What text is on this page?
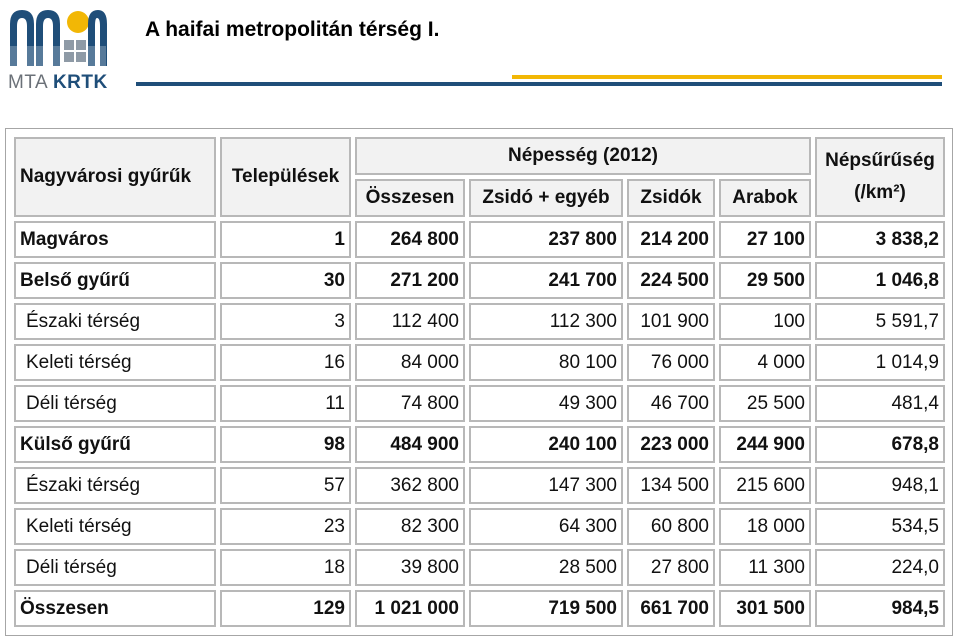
MTA KRTK
A haifai metropolitán térség I.
Nagyvárosi gyűrűk	Települések	Népesség (2012)				Népsűrűség
(/km²)

		Összesen	Zsidó + egyéb	Zsidók	Arabok	
Magváros	1	264 800	237 800	214 200	27 100	3 838,2
Belső gyűrű	30	271 200	241 700	224 500	29 500	1 046,8
Északi térség	3	112 400	112 300	101 900	100	5 591,7
Keleti térség	16	84 000	80 100	76 000	4 000	1 014,9
Déli térség	11	74 800	49 300	46 700	25 500	481,4
Külső gyűrű	98	484 900	240 100	223 000	244 900	678,8
Északi térség	57	362 800	147 300	134 500	215 600	948,1
Keleti térség	23	82 300	64 300	60 800	18 000	534,5
Déli térség	18	39 800	28 500	27 800	11 300	224,0
Összesen	129	1 021 000	719 500	661 700	301 500	984,5
